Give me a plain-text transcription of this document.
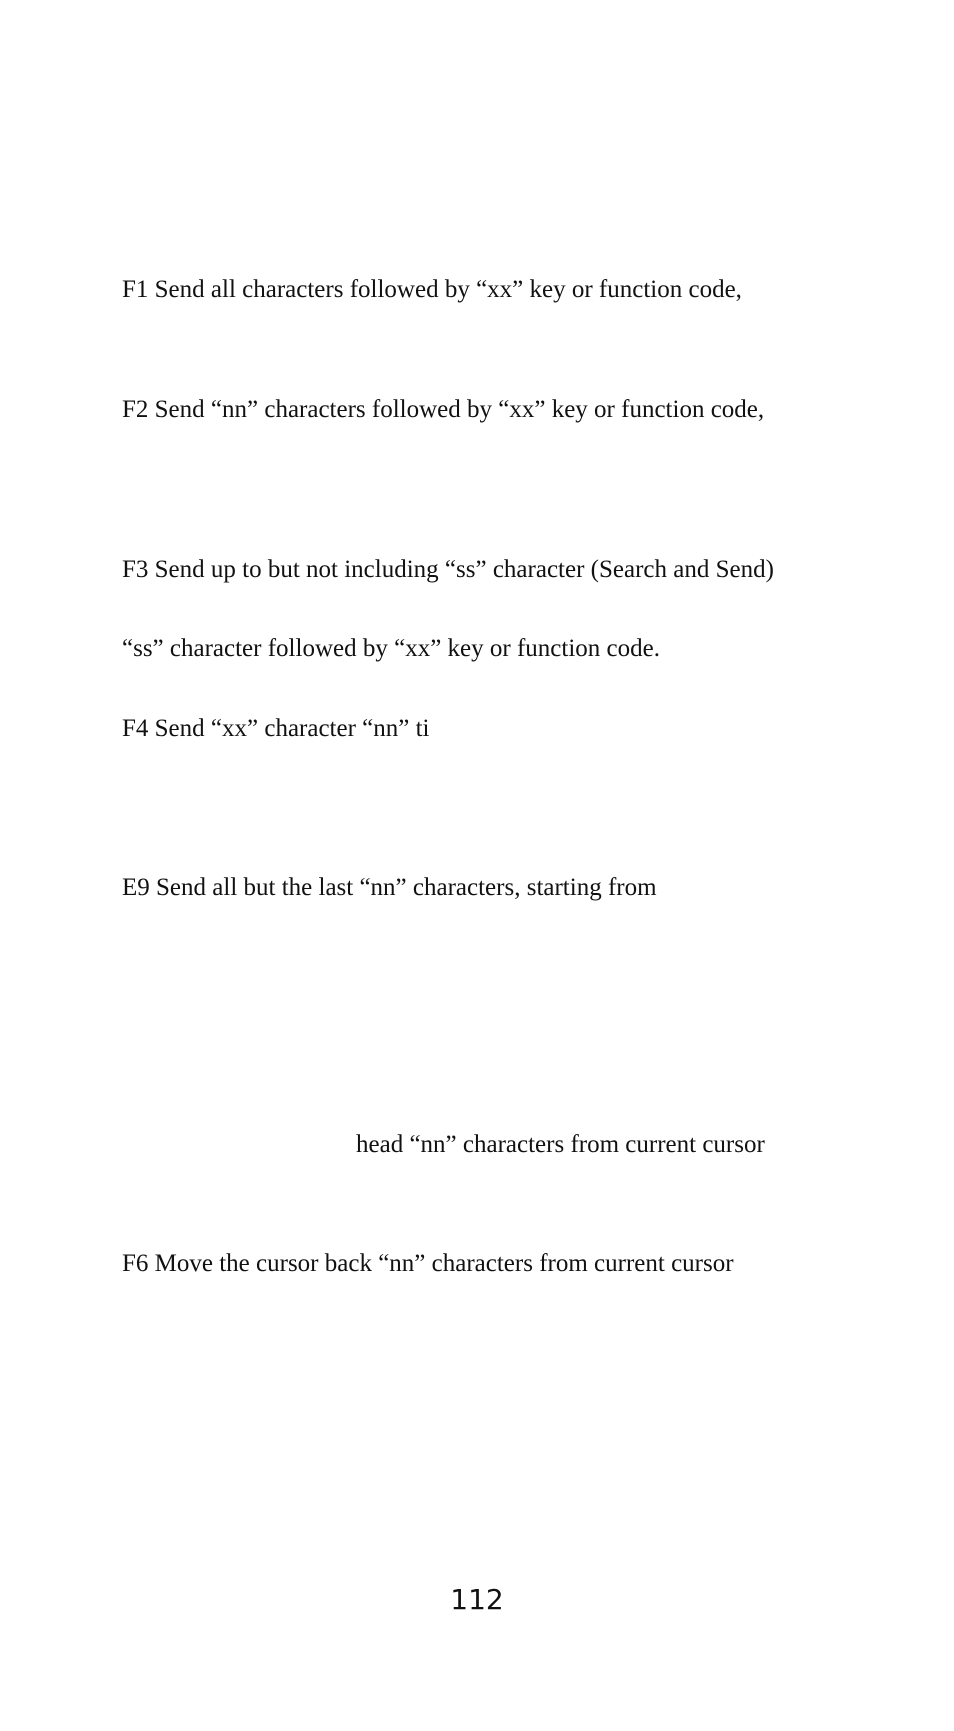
F1 Send all characters followed by “xx” key or function code,
F2 Send “nn” characters followed by “xx” key or function code,
F3 Send up to but not including “ss” character (Search and Send)
“ss” character followed by “xx” key or function code.
F4 Send “xx” character “nn” ti
E9 Send all but the last “nn” characters, starting from
head “nn” characters from current cursor
F6 Move the cursor back “nn” characters from current cursor
112
